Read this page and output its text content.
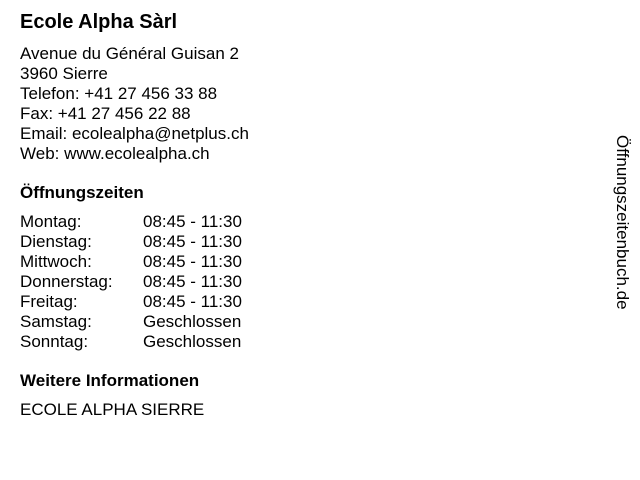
Ecole Alpha Sàrl
Avenue du Général Guisan 2
3960 Sierre
Telefon: +41 27 456 33 88
Fax: +41 27 456 22 88
Email: ecolealpha@netplus.ch
Web: www.ecolealpha.ch
Öffnungszeiten
Montag:	08:45 - 11:30
Dienstag:	08:45 - 11:30
Mittwoch:	08:45 - 11:30
Donnerstag:	08:45 - 11:30
Freitag:	08:45 - 11:30
Samstag:	Geschlossen
Sonntag:	Geschlossen
Weitere Informationen
ECOLE ALPHA SIERRE
Öffnungszeitenbuch.de
